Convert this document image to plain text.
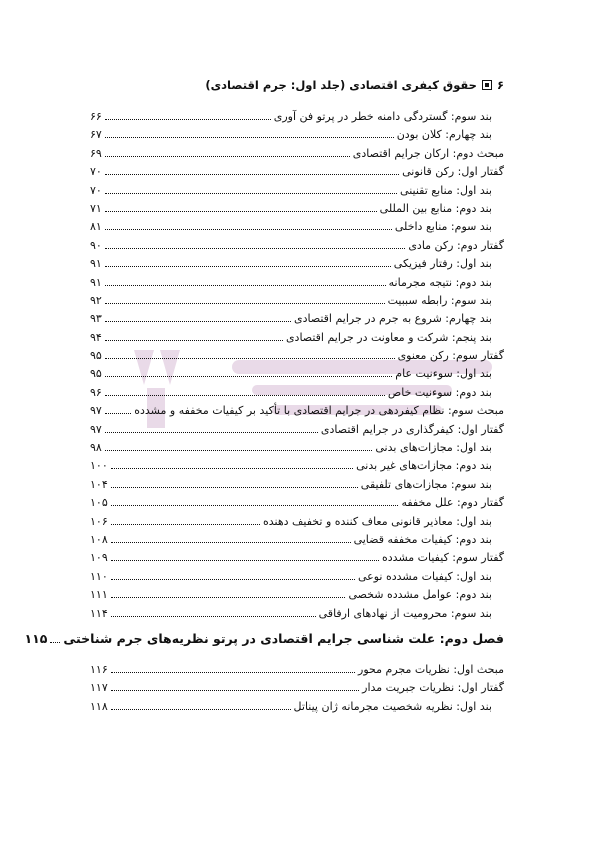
۶
حقوق کیفری اقتصادی (جلد اول: جرم اقتصادی)
بند سوم: گستردگی دامنه خطر در پرتو فن آوری
۶۶
بند چهارم: کلان بودن
۶۷
مبحث دوم: ارکان جرایم اقتصادی
۶۹
گفتار اول: رکن قانونی
۷۰
بند اول: منابع تقنینی
۷۰
بند دوم: منابع بین المللی
۷۱
بند سوم: منابع داخلی
۸۱
گفتار دوم: رکن مادی
۹۰
بند اول: رفتار فیزیکی
۹۱
بند دوم: نتیجه مجرمانه
۹۱
بند سوم: رابطه سببیت
۹۲
بند چهارم: شروع به جرم در جرایم اقتصادی
۹۳
بند پنجم: شرکت و معاونت در جرایم اقتصادی
۹۴
گفتار سوم: رکن معنوی
۹۵
بند اول: سوءنیت عام
۹۵
بند دوم: سوءنیت خاص
۹۶
مبحث سوم: نظام کیفردهی در جرایم اقتصادی با تأکید بر کیفیات مخففه و مشدده
۹۷
گفتار اول: کیفرگذاری در جرایم اقتصادی
۹۷
بند اول: مجازات‌های بدنی
۹۸
بند دوم: مجازات‌های غیر بدنی
۱۰۰
بند سوم: مجازات‌های تلفیقی
۱۰۴
گفتار دوم: علل مخففه
۱۰۵
بند اول: معاذیر قانونی معاف کننده و تخفیف دهنده
۱۰۶
بند دوم: کیفیات مخففه قضایی
۱۰۸
گفتار سوم: کیفیات مشدده
۱۰۹
بند اول: کیفیات مشدده نوعی
۱۱۰
بند دوم: عوامل مشدده شخصی
۱۱۱
بند سوم: محرومیت از نهادهای ارفاقی
۱۱۴
فصل دوم: علت شناسی جرایم اقتصادی در پرتو نظریه‌های جرم شناختی
۱۱۵
مبحث اول: نظریات مجرم محور
۱۱۶
گفتار اول: نظریات جبریت مدار
۱۱۷
بند اول: نظریه شخصیت مجرمانه ژان پیناتل
۱۱۸
